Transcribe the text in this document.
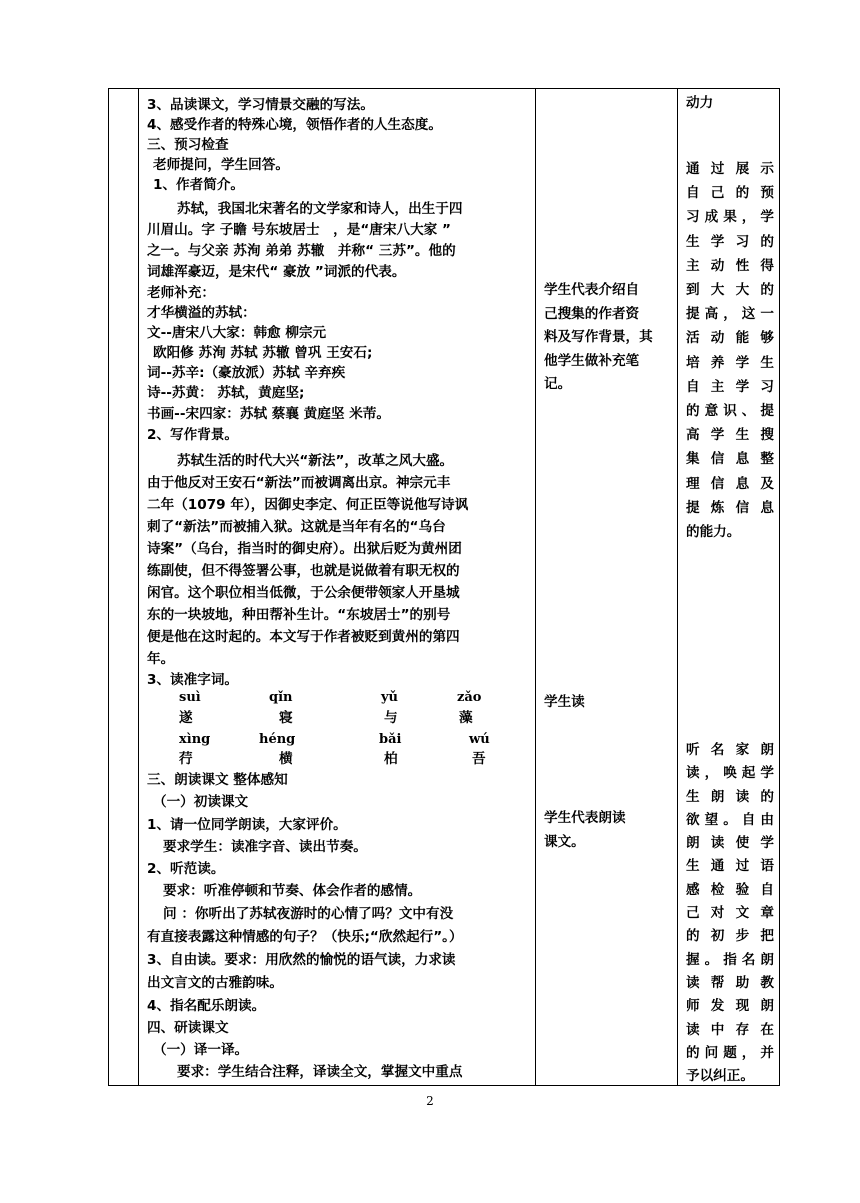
3、品读课文，学习情景交融的写法。
4、感受作者的特殊心境，领悟作者的人生态度。
三、预习检查
老师提问，学生回答。
1、作者简介。
苏轼，我国北宋著名的文学家和诗人，出生于四
川眉山。字 子瞻 号东坡居士　，是“唐宋八大家 ”
之一。与父亲 苏洵 弟弟 苏辙　并称“ 三苏”。他的
词雄浑豪迈，是宋代“ 豪放 ”词派的代表。
老师补充：
才华横溢的苏轼：
文--唐宋八大家：韩愈 柳宗元
欧阳修 苏洵 苏轼 苏辙 曾巩 王安石;
词--苏辛:（豪放派）苏轼 辛弃疾
诗--苏黄： 苏轼，黄庭坚;
书画--宋四家：苏轼 蔡襄 黄庭坚 米芾。
2、写作背景。
苏轼生活的时代大兴“新法”，改革之风大盛。
由于他反对王安石“新法”而被调离出京。神宗元丰
二年（1079 年），因御史李定、何正臣等说他写诗讽
刺了“新法”而被捕入狱。这就是当年有名的“乌台
诗案”（乌台，指当时的御史府）。出狱后贬为黄州团
练副使，但不得签署公事，也就是说做着有职无权的
闲官。这个职位相当低微，于公余便带领家人开垦城
东的一块坡地，种田帮补生计。“东坡居士”的别号
便是他在这时起的。本文写于作者被贬到黄州的第四
年。
3、读准字词。
suì	qǐn	yǔ	zǎo
遂	寝	与	藻
xìng	héng	bǎi	wú
荇	横	柏	吾
三、朗读课文 整体感知
（一）初读课文
1、请一位同学朗读，大家评价。
要求学生：读准字音、读出节奏。
2、听范读。
要求：听准停顿和节奏、体会作者的感情。
问 ：你听出了苏轼夜游时的心情了吗？文中有没
有直接表露这种情感的句子？（快乐;“欣然起行”。）
3、自由读。要求：用欣然的愉悦的语气读，力求读
出文言文的古雅韵味。
4、指名配乐朗读。
四、研读课文
（一）译一译。
要求：学生结合注释，译读全文，掌握文中重点

学生代表介绍自
己搜集的作者资
料及写作背景，其
他学生做补充笔
记。
学生读
学生代表朗读
课文。

动力
通过展示
自己的预
习成果，学
生学习的
主动性得
到大大的
提高，这一
活动能够
培养学生
自主学习
的意识、提
高学生搜
集信息整
理信息及
提炼信息
的能力。
听名家朗
读，唤起学
生朗读的
欲望。自由
朗读使学
生通过语
感检验自
己对文章
的初步把
握。指名朗
读帮助教
师发现朗
读中存在
的问题，并
予以纠正。
2
